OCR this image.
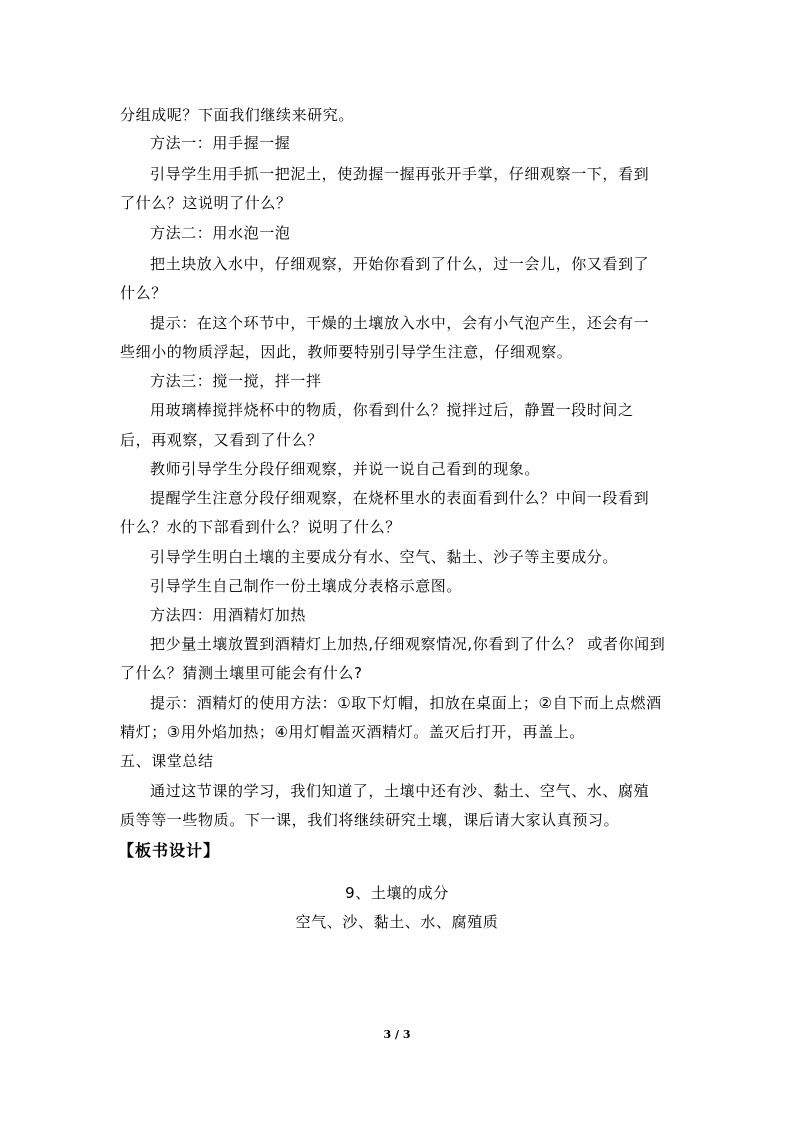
分组成呢？下面我们继续来研究。
方法一：用手握一握
引导学生用手抓一把泥土，使劲握一握再张开手掌，仔细观察一下，看到
了什么？这说明了什么？
方法二：用水泡一泡
把土块放入水中，仔细观察，开始你看到了什么，过一会儿，你又看到了
什么？
提示：在这个环节中，干燥的土壤放入水中，会有小气泡产生，还会有一
些细小的物质浮起，因此，教师要特别引导学生注意，仔细观察。
方法三：搅一搅，拌一拌
用玻璃棒搅拌烧杯中的物质，你看到什么？搅拌过后，静置一段时间之
后，再观察，又看到了什么？
教师引导学生分段仔细观察，并说一说自己看到的现象。
提醒学生注意分段仔细观察，在烧杯里水的表面看到什么？中间一段看到
什么？水的下部看到什么？说明了什么？
引导学生明白土壤的主要成分有水、空气、黏土、沙子等主要成分。
引导学生自己制作一份土壤成分表格示意图。
方法四：用酒精灯加热
把少量土壤放置到酒精灯上加热,仔细观察情况,你看到了什么？ 或者你闻到
了什么？猜测土壤里可能会有什么?
提示：酒精灯的使用方法：①取下灯帽，扣放在桌面上；②自下而上点燃酒
精灯；③用外焰加热；④用灯帽盖灭酒精灯。盖灭后打开，再盖上。
五、课堂总结
通过这节课的学习，我们知道了，土壤中还有沙、黏土、空气、水、腐殖
质等等一些物质。下一课，我们将继续研究土壤，课后请大家认真预习。
【板书设计】
9、土壤的成分
空气、沙、黏土、水、腐殖质
3 / 3
